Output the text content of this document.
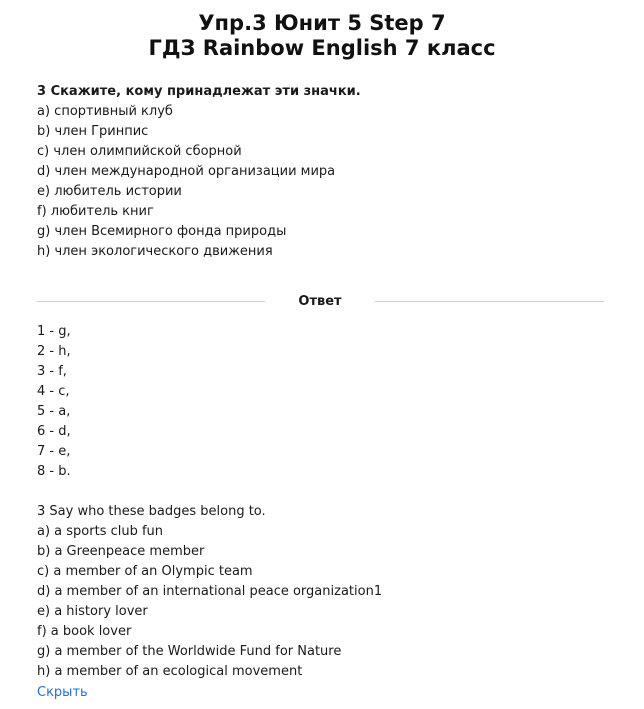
Упр.3 Юнит 5 Step 7
ГДЗ Rainbow English 7 класс
3 Скажите, кому принадлежат эти значки.
a) спортивный клуб
b) член Гринпис
c) член олимпийской сборной
d) член международной организации мира
e) любитель истории
f) любитель книг
g) член Всемирного фонда природы
h) член экологического движения
Ответ
1 - g,
2 - h,
3 - f,
4 - c,
5 - a,
6 - d,
7 - e,
8 - b.
3 Say who these badges belong to.
a) a sports club fun
b) a Greenpeace member
c) a member of an Olympic team
d) a member of an international peace organization1
e) a history lover
f) a book lover
g) a member of the Worldwide Fund for Nature
h) a member of an ecological movement
Скрыть
